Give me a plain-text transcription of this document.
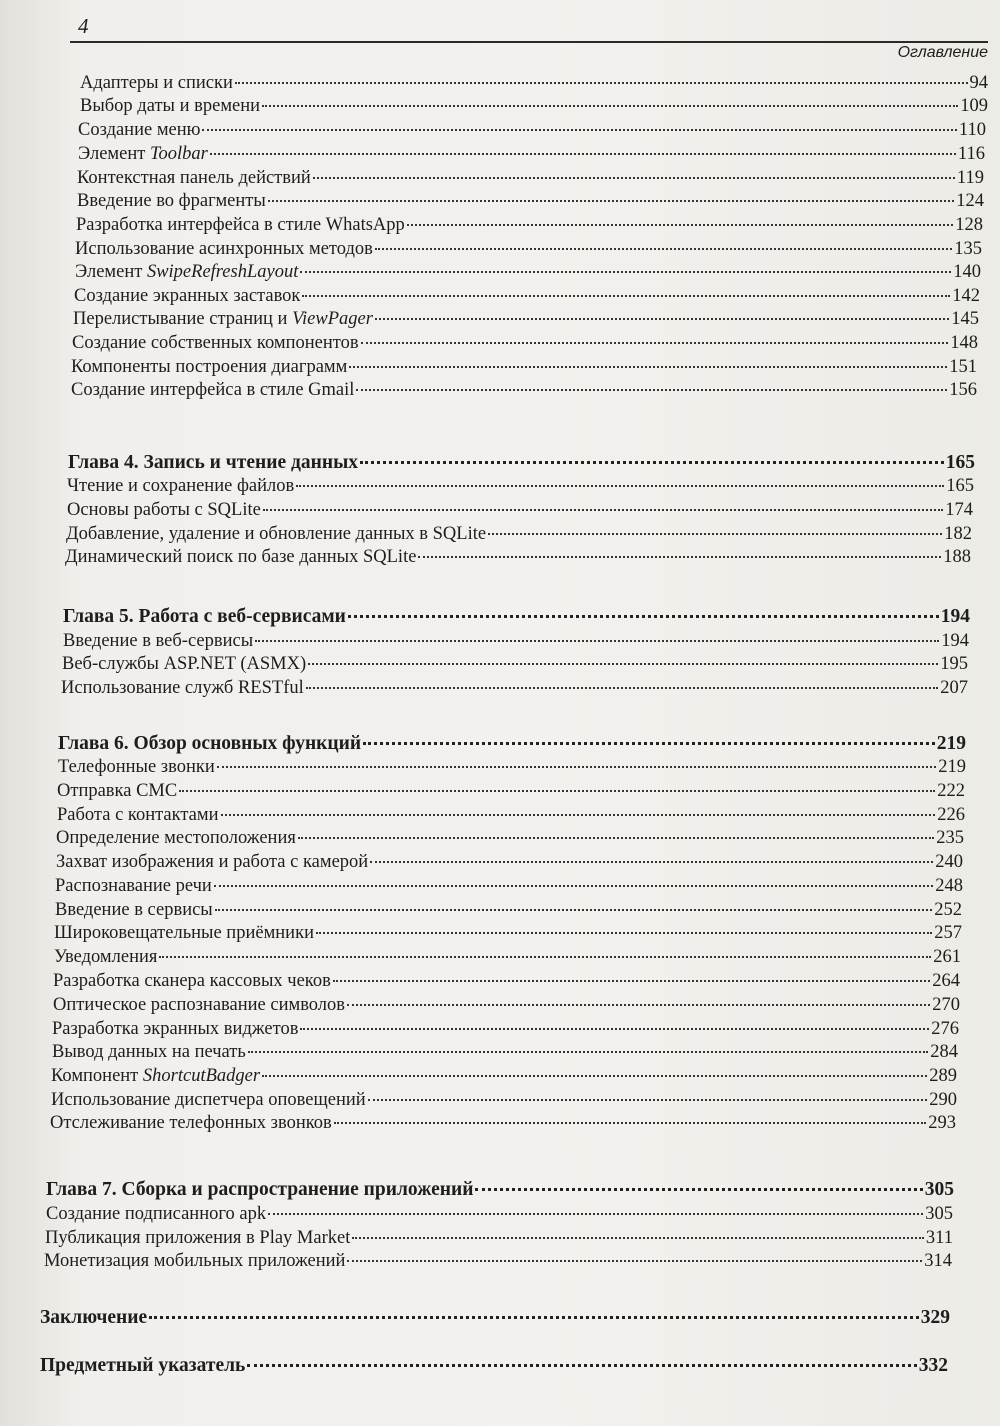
4
Оглавление
Адаптеры и списки	94
Выбор даты и времени	109
Создание меню	110
Элемент Toolbar	116
Контекстная панель действий	119
Введение во фрагменты	124
Разработка интерфейса в стиле WhatsApp	128
Использование асинхронных методов	135
Элемент SwipeRefreshLayout	140
Создание экранных заставок	142
Перелистывание страниц и ViewPager	145
Создание собственных компонентов	148
Компоненты построения диаграмм	151
Создание интерфейса в стиле Gmail	156
Глава 4. Запись и чтение данных	165
Чтение и сохранение файлов	165
Основы работы с SQLite	174
Добавление, удаление и обновление данных в SQLite	182
Динамический поиск по базе данных SQLite	188
Глава 5. Работа с веб-сервисами	194
Введение в веб-сервисы	194
Веб-службы ASP.NET (ASMX)	195
Использование служб RESTful	207
Глава 6. Обзор основных функций	219
Телефонные звонки	219
Отправка СМС	222
Работа с контактами	226
Определение местоположения	235
Захват изображения и работа с камерой	240
Распознавание речи	248
Введение в сервисы	252
Широковещательные приёмники	257
Уведомления	261
Разработка сканера кассовых чеков	264
Оптическое распознавание символов	270
Разработка экранных виджетов	276
Вывод данных на печать	284
Компонент ShortcutBadger	289
Использование диспетчера оповещений	290
Отслеживание телефонных звонков	293
Глава 7. Сборка и распространение приложений	305
Создание подписанного apk	305
Публикация приложения в Play Market	311
Монетизация мобильных приложений	314
Заключение	329
Предметный указатель	332
